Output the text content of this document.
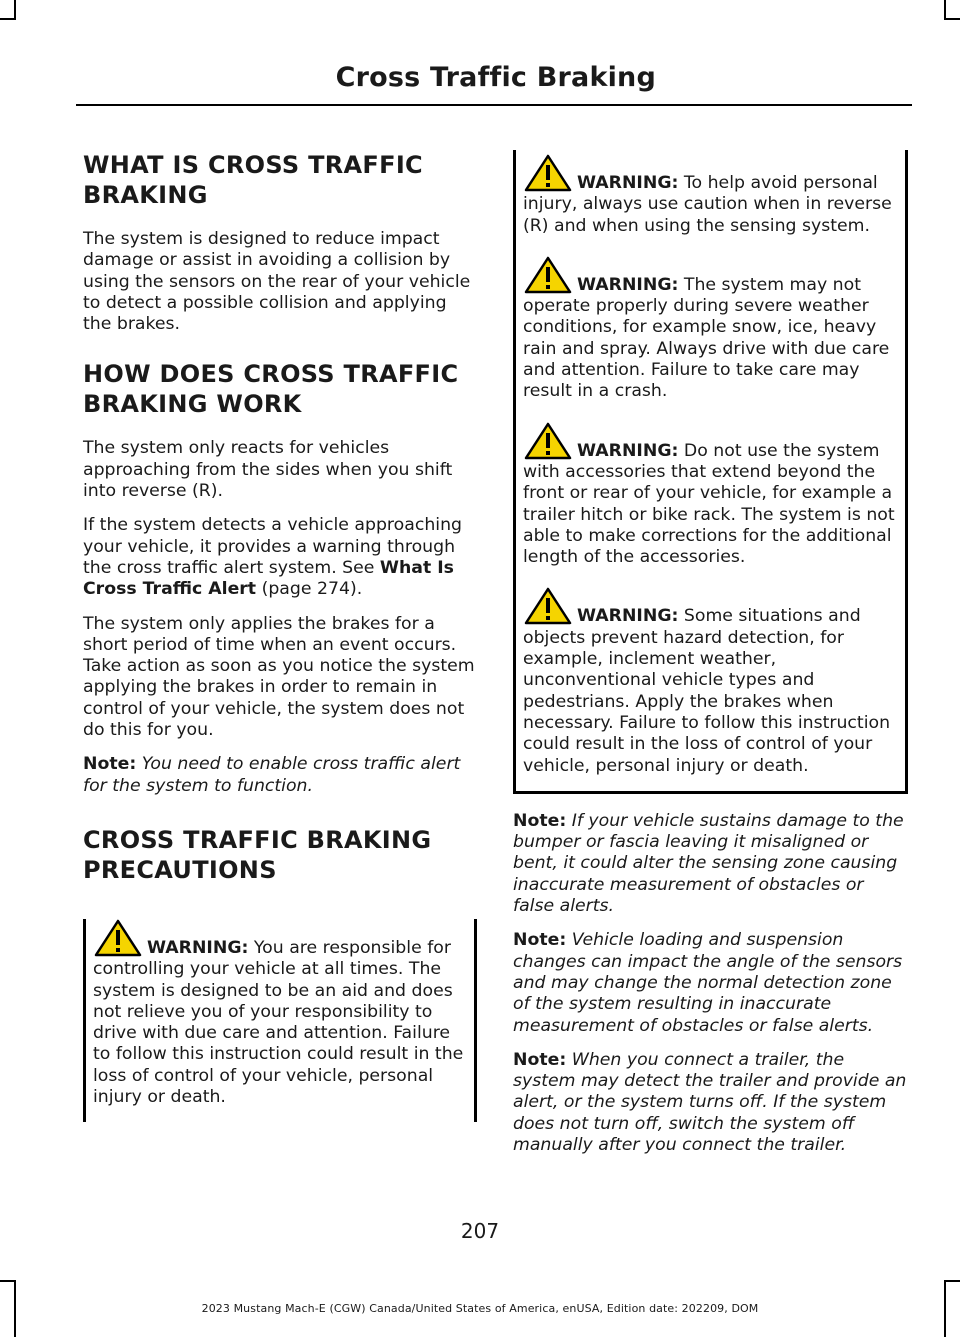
Cross Traffic Braking
WHAT IS CROSS TRAFFIC BRAKING

The system is designed to reduce impact damage or assist in avoiding a collision by using the sensors on the rear of your vehicle to detect a possible collision and applying the brakes.

HOW DOES CROSS TRAFFIC BRAKING WORK

The system only reacts for vehicles approaching from the sides when you shift into reverse (R).

If the system detects a vehicle approaching your vehicle, it provides a warning through the cross traffic alert system. See What Is Cross Traffic Alert (page 274).

The system only applies the brakes for a short period of time when an event occurs. Take action as soon as you notice the system applying the brakes in order to remain in control of your vehicle, the system does not do this for you.

Note: You need to enable cross traffic alert for the system to function.

CROSS TRAFFIC BRAKING PRECAUTIONS

WARNING: You are responsible for controlling your vehicle at all times. The system is designed to be an aid and does not relieve you of your responsibility to drive with due care and attention. Failure to follow this instruction could result in the loss of control of your vehicle, personal injury or death.

WARNING: To help avoid personal injury, always use caution when in reverse (R) and when using the sensing system.

WARNING: The system may not operate properly during severe weather conditions, for example snow, ice, heavy rain and spray. Always drive with due care and attention. Failure to take care may result in a crash.

WARNING: Do not use the system with accessories that extend beyond the front or rear of your vehicle, for example a trailer hitch or bike rack. The system is not able to make corrections for the additional length of the accessories.

WARNING: Some situations and objects prevent hazard detection, for example, inclement weather, unconventional vehicle types and pedestrians. Apply the brakes when necessary. Failure to follow this instruction could result in the loss of control of your vehicle, personal injury or death.

Note: If your vehicle sustains damage to the bumper or fascia leaving it misaligned or bent, it could alter the sensing zone causing inaccurate measurement of obstacles or false alerts.

Note: Vehicle loading and suspension changes can impact the angle of the sensors and may change the normal detection zone of the system resulting in inaccurate measurement of obstacles or false alerts.

Note: When you connect a trailer, the system may detect the trailer and provide an alert, or the system turns off. If the system does not turn off, switch the system off manually after you connect the trailer.

207
2023 Mustang Mach-E (CGW) Canada/United States of America, enUSA, Edition date: 202209, DOM
